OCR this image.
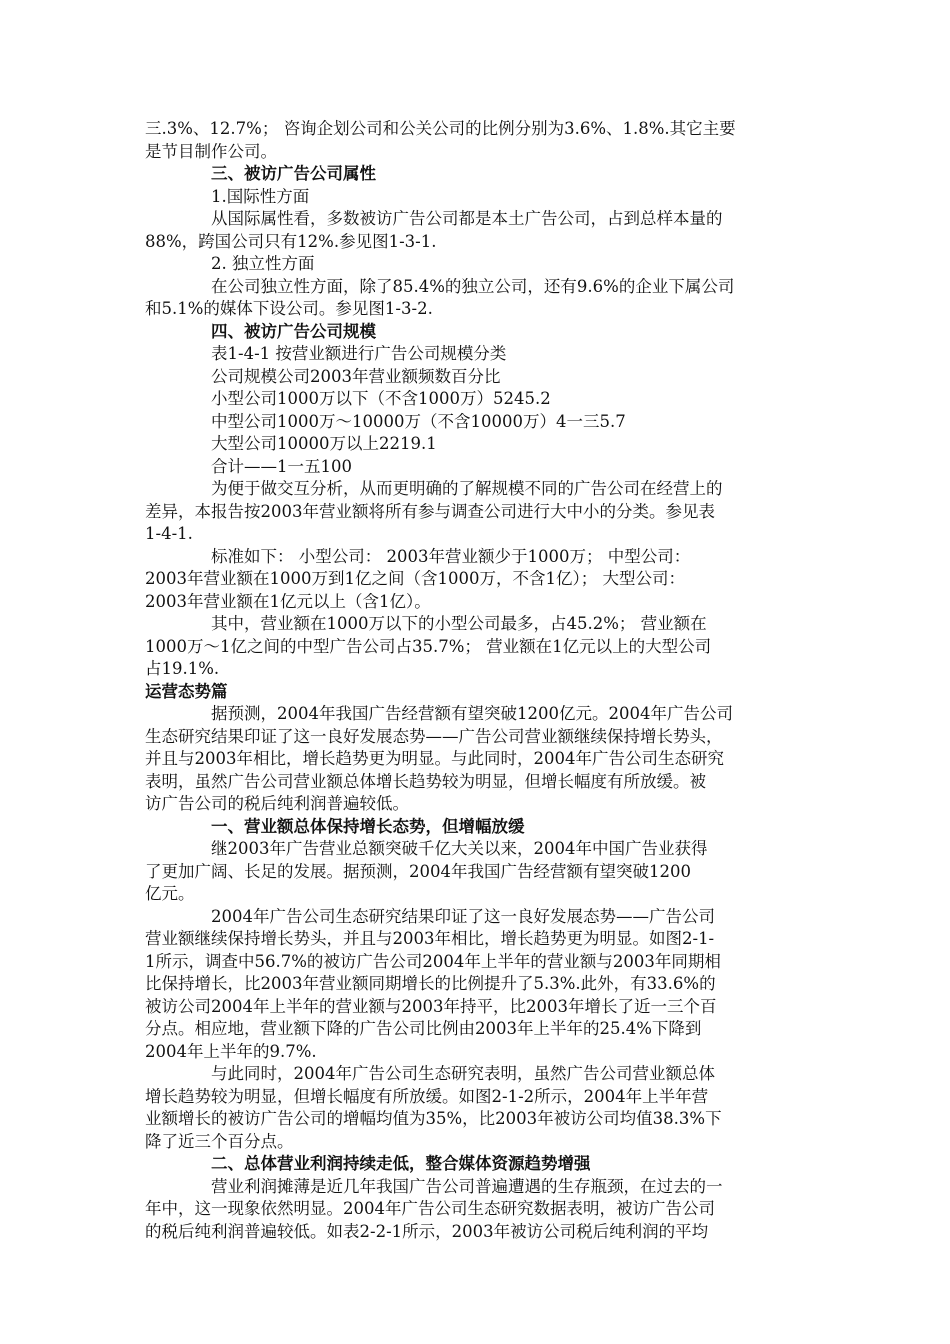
三.3%、12.7%； 咨询企划公司和公关公司的比例分别为3.6%、1.8%.其它主要
是节目制作公司。
三、被访广告公司属性
1.国际性方面
从国际属性看，多数被访广告公司都是本土广告公司，占到总样本量的
88%，跨国公司只有12%.参见图1-3-1.
2. 独立性方面
在公司独立性方面，除了85.4%的独立公司，还有9.6%的企业下属公司
和5.1%的媒体下设公司。参见图1-3-2.
四、被访广告公司规模
表1-4-1 按营业额进行广告公司规模分类
公司规模公司2003年营业额频数百分比
小型公司1000万以下（不含1000万）5245.2
中型公司1000万～10000万（不含10000万）4一三5.7
大型公司10000万以上2219.1
合计——1一五100
为便于做交互分析，从而更明确的了解规模不同的广告公司在经营上的
差异，本报告按2003年营业额将所有参与调查公司进行大中小的分类。参见表
1-4-1.
标准如下： 小型公司： 2003年营业额少于1000万； 中型公司：
2003年营业额在1000万到1亿之间（含1000万，不含1亿）； 大型公司：
2003年营业额在1亿元以上（含1亿）。
其中，营业额在1000万以下的小型公司最多，占45.2%； 营业额在
1000万～1亿之间的中型广告公司占35.7%； 营业额在1亿元以上的大型公司
占19.1%.
运营态势篇
据预测，2004年我国广告经营额有望突破1200亿元。2004年广告公司
生态研究结果印证了这一良好发展态势——广告公司营业额继续保持增长势头，
并且与2003年相比，增长趋势更为明显。与此同时，2004年广告公司生态研究
表明，虽然广告公司营业额总体增长趋势较为明显，但增长幅度有所放缓。被
访广告公司的税后纯利润普遍较低。
一、营业额总体保持增长态势，但增幅放缓
继2003年广告营业总额突破千亿大关以来，2004年中国广告业获得
了更加广阔、长足的发展。据预测，2004年我国广告经营额有望突破1200
亿元。
2004年广告公司生态研究结果印证了这一良好发展态势——广告公司
营业额继续保持增长势头，并且与2003年相比，增长趋势更为明显。如图2-1-
1所示，调查中56.7%的被访广告公司2004年上半年的营业额与2003年同期相
比保持增长，比2003年营业额同期增长的比例提升了5.3%.此外，有33.6%的
被访公司2004年上半年的营业额与2003年持平，比2003年增长了近一三个百
分点。相应地，营业额下降的广告公司比例由2003年上半年的25.4%下降到
2004年上半年的9.7%.
与此同时，2004年广告公司生态研究表明，虽然广告公司营业额总体
增长趋势较为明显，但增长幅度有所放缓。如图2-1-2所示，2004年上半年营
业额增长的被访广告公司的增幅均值为35%，比2003年被访公司均值38.3%下
降了近三个百分点。
二、总体营业利润持续走低，整合媒体资源趋势增强
营业利润摊薄是近几年我国广告公司普遍遭遇的生存瓶颈，在过去的一
年中，这一现象依然明显。2004年广告公司生态研究数据表明，被访广告公司
的税后纯利润普遍较低。如表2-2-1所示，2003年被访公司税后纯利润的平均
